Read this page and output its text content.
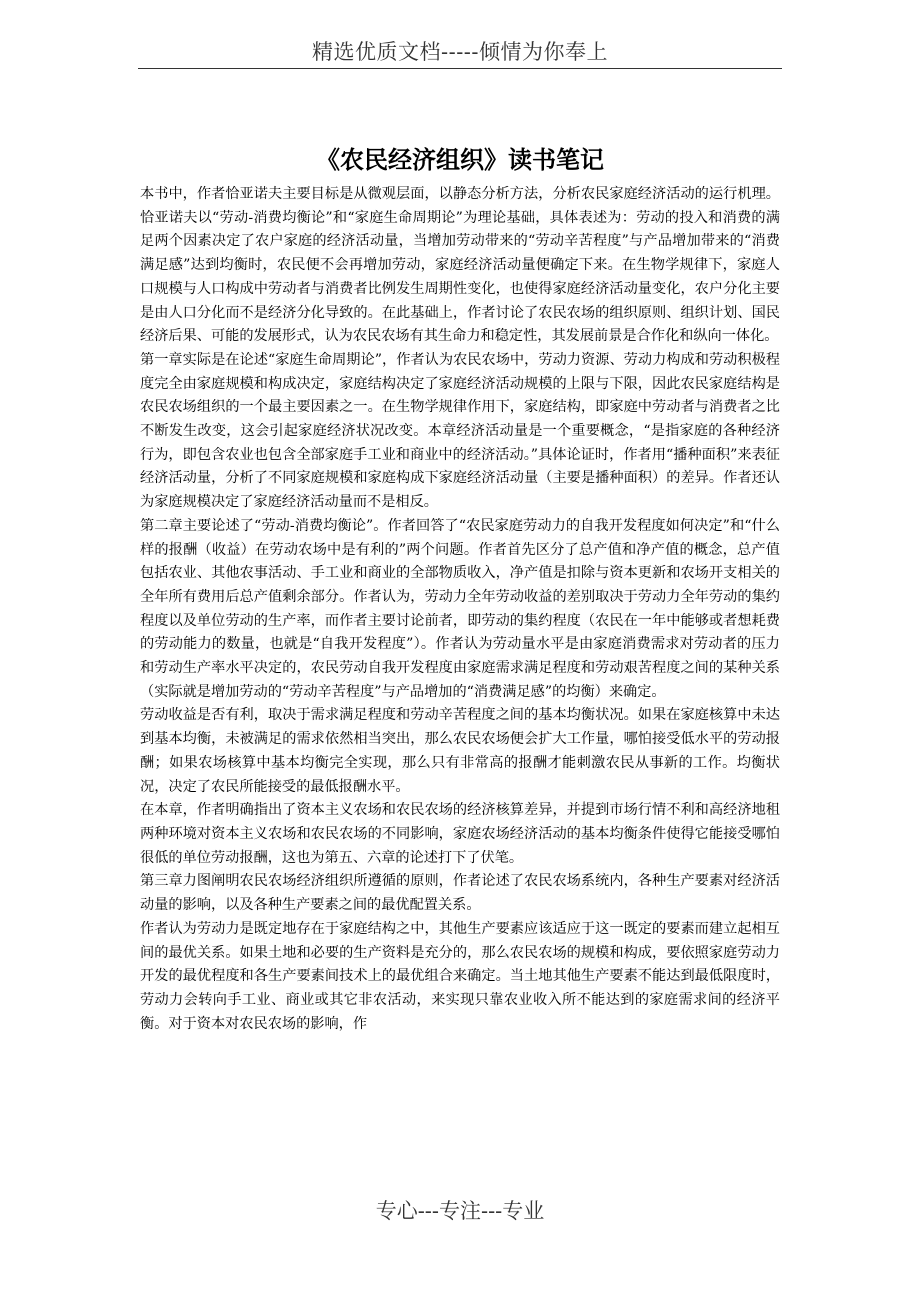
精选优质文档-----倾情为你奉上
《农民经济组织》读书笔记

本书中，作者恰亚诺夫主要目标是从微观层面，以静态分析方法，分析农民家庭经济活动的运行机理。恰亚诺夫以“劳动-消费均衡论”和“家庭生命周期论”为理论基础，具体表述为：劳动的投入和消费的满足两个因素决定了农户家庭的经济活动量，当增加劳动带来的“劳动辛苦程度”与产品增加带来的“消费满足感”达到均衡时，农民便不会再增加劳动，家庭经济活动量便确定下来。在生物学规律下，家庭人口规模与人口构成中劳动者与消费者比例发生周期性变化，也使得家庭经济活动量变化，农户分化主要是由人口分化而不是经济分化导致的。在此基础上，作者讨论了农民农场的组织原则、组织计划、国民经济后果、可能的发展形式，认为农民农场有其生命力和稳定性，其发展前景是合作化和纵向一体化。

第一章实际是在论述“家庭生命周期论”，作者认为农民农场中，劳动力资源、劳动力构成和劳动积极程度完全由家庭规模和构成决定，家庭结构决定了家庭经济活动规模的上限与下限，因此农民家庭结构是农民农场组织的一个最主要因素之一。在生物学规律作用下，家庭结构，即家庭中劳动者与消费者之比不断发生改变，这会引起家庭经济状况改变。本章经济活动量是一个重要概念，“是指家庭的各种经济行为，即包含农业也包含全部家庭手工业和商业中的经济活动。”具体论证时，作者用“播种面积”来表征经济活动量，分析了不同家庭规模和家庭构成下家庭经济活动量（主要是播种面积）的差异。作者还认为家庭规模决定了家庭经济活动量而不是相反。

第二章主要论述了“劳动-消费均衡论”。作者回答了“农民家庭劳动力的自我开发程度如何决定”和“什么样的报酬（收益）在劳动农场中是有利的”两个问题。作者首先区分了总产值和净产值的概念，总产值包括农业、其他农事活动、手工业和商业的全部物质收入，净产值是扣除与资本更新和农场开支相关的全年所有费用后总产值剩余部分。作者认为，劳动力全年劳动收益的差别取决于劳动力全年劳动的集约程度以及单位劳动的生产率，而作者主要讨论前者，即劳动的集约程度（农民在一年中能够或者想耗费的劳动能力的数量，也就是“自我开发程度”）。作者认为劳动量水平是由家庭消费需求对劳动者的压力和劳动生产率水平决定的，农民劳动自我开发程度由家庭需求满足程度和劳动艰苦程度之间的某种关系（实际就是增加劳动的“劳动辛苦程度”与产品增加的“消费满足感”的均衡）来确定。

劳动收益是否有利，取决于需求满足程度和劳动辛苦程度之间的基本均衡状况。如果在家庭核算中未达到基本均衡，未被满足的需求依然相当突出，那么农民农场便会扩大工作量，哪怕接受低水平的劳动报酬；如果农场核算中基本均衡完全实现，那么只有非常高的报酬才能刺激农民从事新的工作。均衡状况，决定了农民所能接受的最低报酬水平。

在本章，作者明确指出了资本主义农场和农民农场的经济核算差异，并提到市场行情不利和高经济地租两种环境对资本主义农场和农民农场的不同影响，家庭农场经济活动的基本均衡条件使得它能接受哪怕很低的单位劳动报酬，这也为第五、六章的论述打下了伏笔。

第三章力图阐明农民农场经济组织所遵循的原则，作者论述了农民农场系统内，各种生产要素对经济活动量的影响，以及各种生产要素之间的最优配置关系。

作者认为劳动力是既定地存在于家庭结构之中，其他生产要素应该适应于这一既定的要素而建立起相互间的最优关系。如果土地和必要的生产资料是充分的，那么农民农场的规模和构成，要依照家庭劳动力开发的最优程度和各生产要素间技术上的最优组合来确定。当土地其他生产要素不能达到最低限度时，劳动力会转向手工业、商业或其它非农活动，来实现只靠农业收入所不能达到的家庭需求间的经济平衡。对于资本对农民农场的影响，作

专心---专注---专业
